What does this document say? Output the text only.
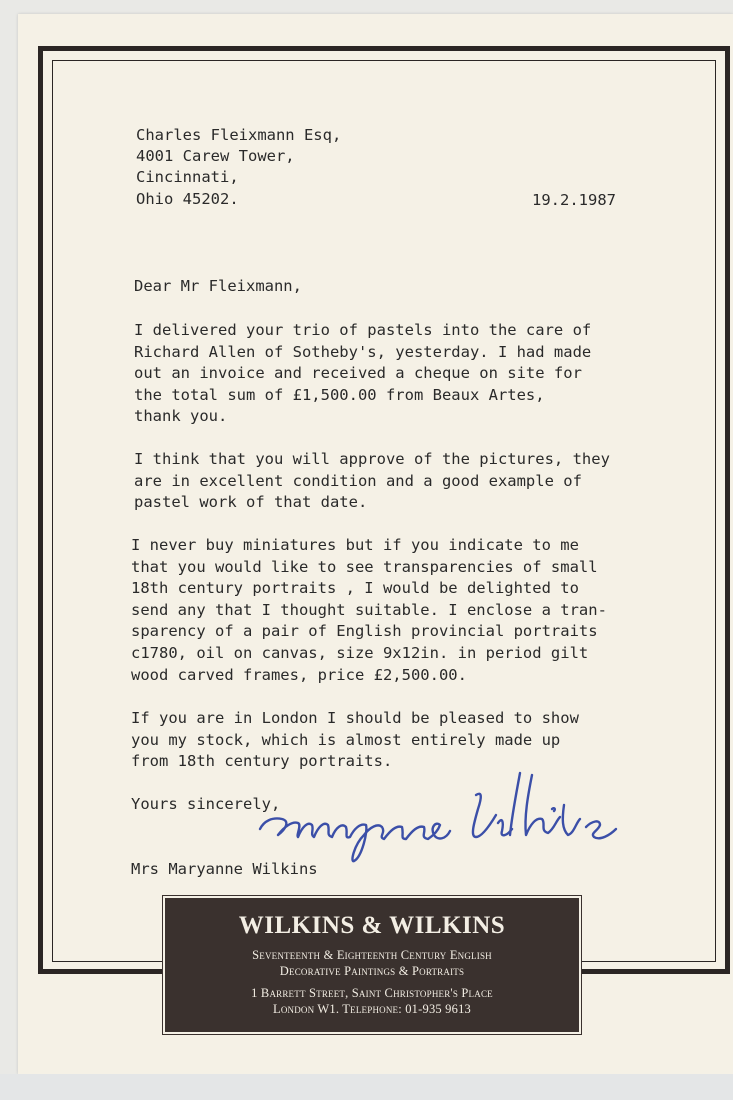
Charles Fleixmann Esq,
4001 Carew Tower,
Cincinnati,
Ohio 45202.	19.2.1987
Dear Mr Fleixmann,

I delivered your trio of pastels into the care of
Richard Allen of Sotheby's, yesterday. I had made
out an invoice and received a cheque on site for
the total sum of £1,500.00 from Beaux Artes,
thank you.

I think that you will approve of the pictures, they
are in excellent condition and a good example of
pastel work of that date.

I never buy miniatures but if you indicate to me
that you would like to see transparencies of small
18th century portraits , I would be delighted to
send any that I thought suitable. I enclose a tran-
sparency of a pair of English provincial portraits
c1780, oil on canvas, size 9x12in. in period gilt
wood carved frames, price £2,500.00.

If you are in London I should be pleased to show
you my stock, which is almost entirely made up
from 18th century portraits.

Yours sincerely,
Mrs Maryanne Wilkins
WILKINS & WILKINS
Seventeenth & Eighteenth Century English
Decorative Paintings & Portraits
1 Barrett Street, Saint Christopher's Place
London W1. Telephone: 01-935 9613
